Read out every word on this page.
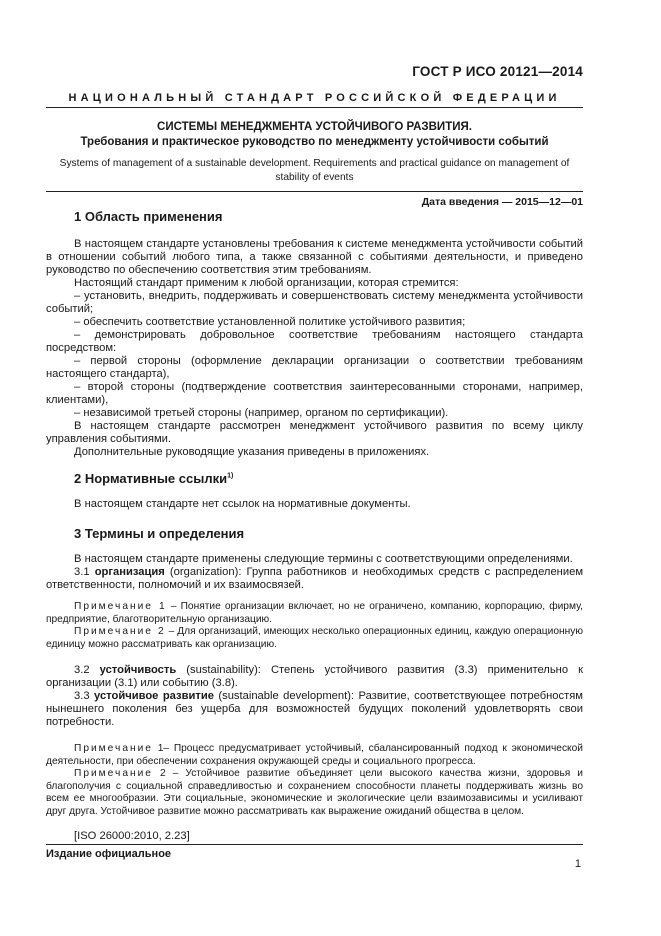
ГОСТ Р ИСО 20121—2014
НАЦИОНАЛЬНЫЙ СТАНДАРТ РОССИЙСКОЙ ФЕДЕРАЦИИ
СИСТЕМЫ МЕНЕДЖМЕНТА УСТОЙЧИВОГО РАЗВИТИЯ.
Требования и практическое руководство по менеджменту устойчивости событий
Systems of management of a sustainable development. Requirements and practical guidance on management of stability of events
Дата введения — 2015—12—01
1 Область применения

В настоящем стандарте установлены требования к системе менеджмента устойчивости событий в отношении событий любого типа, а также связанной с событиями деятельности, и приведено руководство по обеспечению соответствия этим требованиям.

Настоящий стандарт применим к любой организации, которая стремится:

– установить, внедрить, поддерживать и совершенствовать систему менеджмента устойчивости событий;

– обеспечить соответствие установленной политике устойчивого развития;

– демонстрировать добровольное соответствие требованиям настоящего стандарта посредством:

– первой стороны (оформление декларации организации о соответствии требованиям настоящего стандарта),

– второй стороны (подтверждение соответствия заинтересованными сторонами, например, клиентами),

– независимой третьей стороны (например, органом по сертификации).

В настоящем стандарте рассмотрен менеджмент устойчивого развития по всему циклу управления событиями.

Дополнительные руководящие указания приведены в приложениях.

2 Нормативные ссылки$^{1)}$

В настоящем стандарте нет ссылок на нормативные документы.

3 Термины и определения

В настоящем стандарте применены следующие термины с соответствующими определениями.

3.1 организация (organization): Группа работников и необходимых средств с распределением ответственности, полномочий и их взаимосвязей.

Примечание 1 – Понятие организации включает, но не ограничено, компанию, корпорацию, фирму, предприятие, благотворительную организацию.
Примечание 2 – Для организаций, имеющих несколько операционных единиц, каждую операционную единицу можно рассматривать как организацию.

3.2 устойчивость (sustainability): Степень устойчивого развития (3.3) применительно к организации (3.1) или событию (3.8).

3.3 устойчивое развитие (sustainable development): Развитие, соответствующее потребностям нынешнего поколения без ущерба для возможностей будущих поколений удовлетворять свои потребности.

Примечание 1– Процесс предусматривает устойчивый, сбалансированный подход к экономической деятельности, при обеспечении сохранения окружающей среды и социального прогресса.
Примечание 2 – Устойчивое развитие объединяет цели высокого качества жизни, здоровья и благополучия с социальной справедливостью и сохранением способности планеты поддерживать жизнь во всем ее многообразии. Эти социальные, экономические и экологические цели взаимозависимы и усиливают друг друга. Устойчивое развитие можно рассматривать как выражение ожиданий общества в целом.

[ISO 26000:2010, 2.23]

Издание официальное
1
